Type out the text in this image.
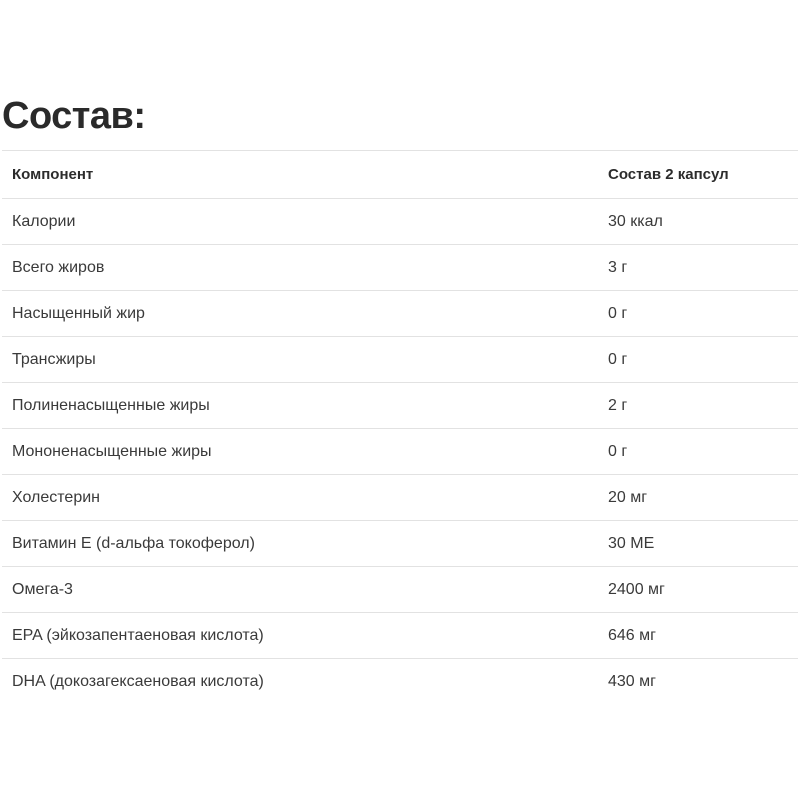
Состав:
Компонент	Состав 2 капсул
Калории	30 ккал
Всего жиров	3 г
Насыщенный жир	0 г
Трансжиры	0 г
Полиненасыщенные жиры	2 г
Мононенасыщенные жиры	0 г
Холестерин	20 мг
Витамин Е (d-альфа токоферол)	30 МЕ
Омега-3	2400 мг
EPA (эйкозапентаеновая кислота)	646 мг
DHA (докозагексаеновая кислота)	430 мг
